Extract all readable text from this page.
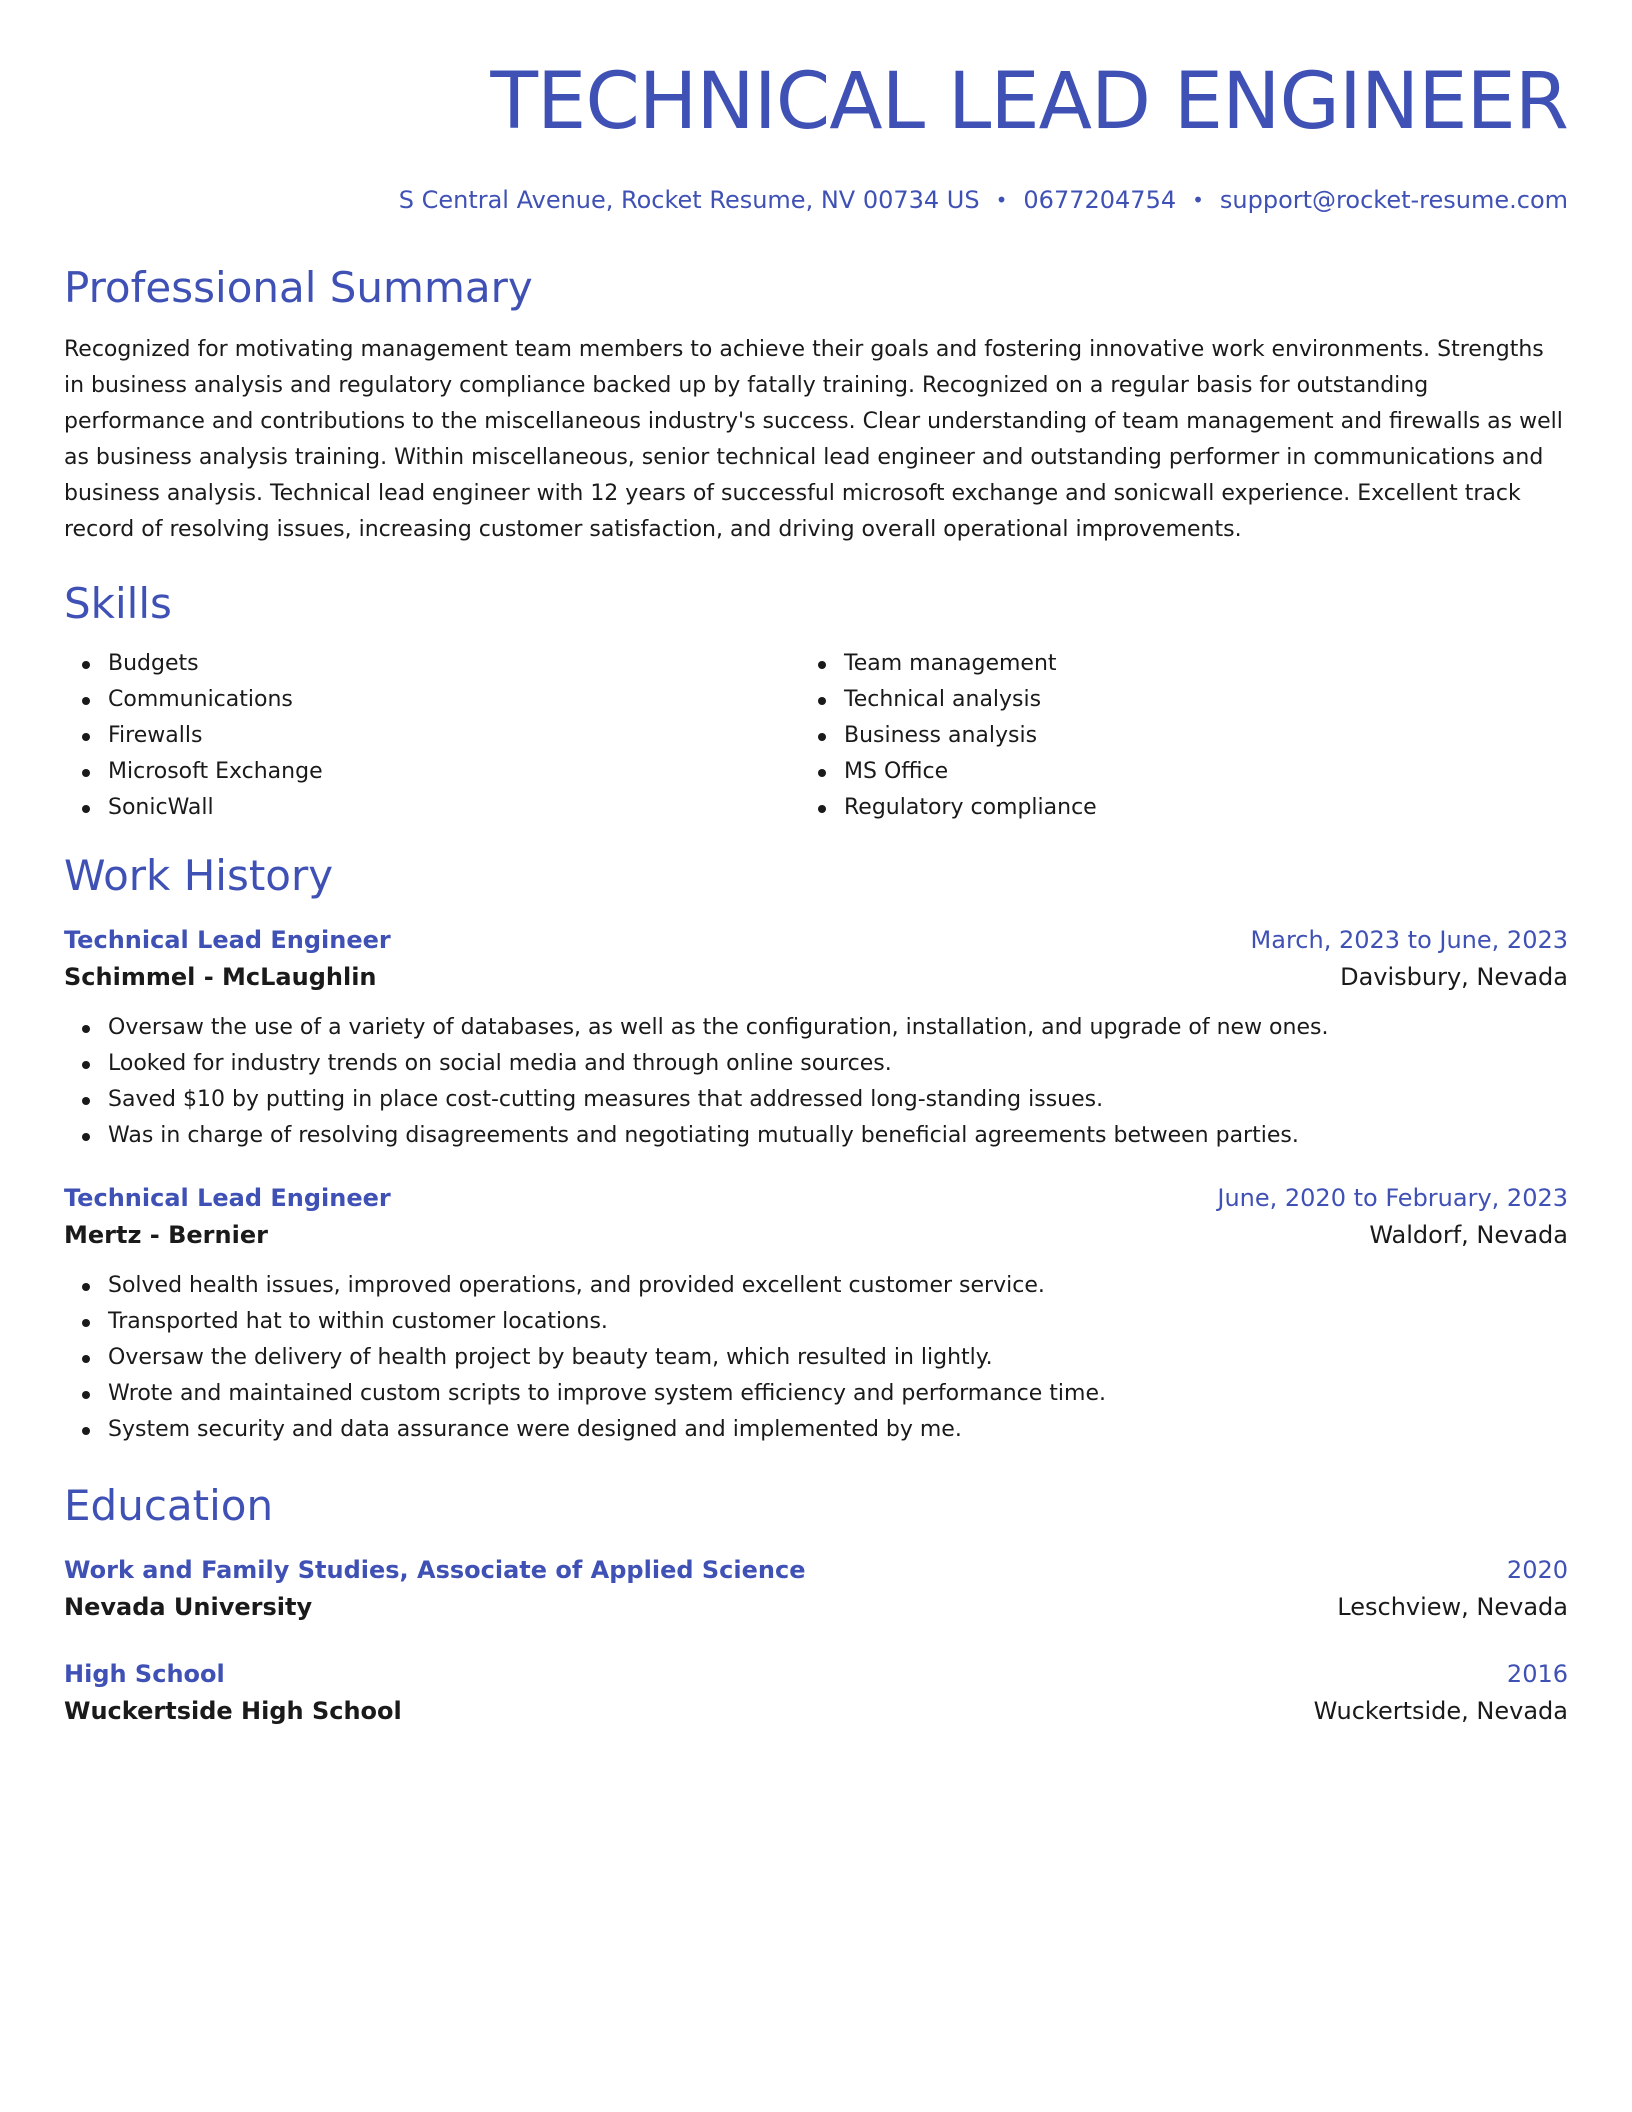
TECHNICAL LEAD ENGINEER
S Central Avenue, Rocket Resume, NV 00734 US • 0677204754 • support@rocket-resume.com
Professional Summary

Recognized for motivating management team members to achieve their goals and fostering innovative work environments. Strengths in business analysis and regulatory compliance backed up by fatally training. Recognized on a regular basis for outstanding performance and contributions to the miscellaneous industry's success. Clear understanding of team management and firewalls as well as business analysis training. Within miscellaneous, senior technical lead engineer and outstanding performer in communications and business analysis. Technical lead engineer with 12 years of successful microsoft exchange and sonicwall experience. Excellent track record of resolving issues, increasing customer satisfaction, and driving overall operational improvements.

Skills
Budgets
Communications
Firewalls
Microsoft Exchange
SonicWall
Team management
Technical analysis
Business analysis
MS Office
Regulatory compliance
Work History
Technical Lead Engineer	March, 2023 to June, 2023
Schimmel - McLaughlin	Davisbury, Nevada
Oversaw the use of a variety of databases, as well as the configuration, installation, and upgrade of new ones.
Looked for industry trends on social media and through online sources.
Saved $10 by putting in place cost-cutting measures that addressed long-standing issues.
Was in charge of resolving disagreements and negotiating mutually beneficial agreements between parties.
Technical Lead Engineer	June, 2020 to February, 2023
Mertz - Bernier	Waldorf, Nevada
Solved health issues, improved operations, and provided excellent customer service.
Transported hat to within customer locations.
Oversaw the delivery of health project by beauty team, which resulted in lightly.
Wrote and maintained custom scripts to improve system efficiency and performance time.
System security and data assurance were designed and implemented by me.
Education
Work and Family Studies, Associate of Applied Science	2020
Nevada University	Leschview, Nevada
High School	2016
Wuckertside High School	Wuckertside, Nevada
